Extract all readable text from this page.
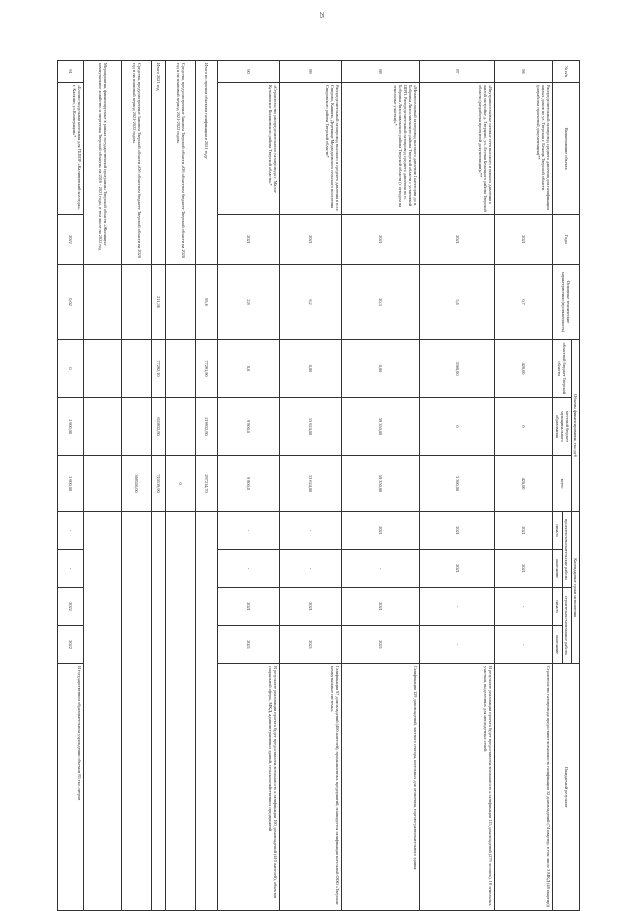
25
№ п/п	Наименование объекта	Годы	Основные технические характеристики (протяженность)	Объемы финансирования, тыс.руб			Календарные сроки исполнения				Ожидаемый результат
				областной бюджет Тверской области	местный бюджет муниципального образования	всего	проектно-изыскательские работы		строительно-монтажные работы		
							начало	окончание	начало	окончание	
86	Распределительный газопровод среднего давления для газификации жилых домов по ул. Тверская г. Бежецк Тверской области (разработка проектной документации)**	2021	0,7	420,00	0	420,00	2021	2021	-	-	Строительство газопровода предоставит возможность газификации 32 домовладений (74 квартир, в том числе 3 МКД (48 квартир))
87	«Внутрипоселковые газовые сети высокого и низкого давления к жилой застройке д. Тверцово, ул. Лесная Бежецкого района Тверской области (разработка проектной документации)»**	2021	5,6	3360,00	0	3 360,00	2021	2021	-	-	В результате реализации проекта будет предоставлена возможность к газификации 115 домовладений (279 человек), 18 земельных участков, выделенных для многодетных семей
88	«Межпоселковый газопровод высокого давления I категории до п. Бобровка Лихославльского района Тверской области с установкой ШРП. Распределительный газопровод среднего давления по п. Бобровка Лихославльского района Тверской области (с отводом на земельные участки)»*	2021	20,3	0,00	59 350,00	59 350,00	2021	-	2021	2021	Газификация 129 домовладений, частного сектора, котельных для отопления, торгово-развлекательного здания
89	Распределительный газопровод высокого и среднего давления в п.г.т. Спирово, Кашино, Деревище Медведковского сельского поселения Спировского района Тверской области*	2021	6,2	0,00	13 624,00	13 624,00	-	-	2021	2021	Газификация 97 домовладений (400 жителей), промышленных предприятий, планируется газификация котельной ООО «Тверские коммунальные системы»
90	«Строительство распределительного газопровода с. Малое Кузьминское Конаковского района Тверской области»*	2021	2,8	0,0	9 800,0	9 800,0	-	-	2021	2021	В результате реализации проекта будет предоставлена возможность к газификации 160 домовладений (410 жителей), объектов социальной сферы, МКД, административных зданий, сельскохозяйственных предприятий
Итого по прочим объектам газификации в 2021 году			95,6	77281,90	219932,80	297214,70					
Средства, предусмотренные Законом Тверской области «Об областном бюджете Тверской области на 2020 год и на плановый период 2021-2022 годов»						0					
Итого 2021 год			211,36	77282,10	633832,80	710519,90					
Средства, предусмотренные Законом Тверской области «Об областном бюджете Тверской области на 2020 год и на плановый период 2021-2022 годов»						368550,00					
Мероприятия, финансируемые в рамках государственной программы Тверской области «Жилищно-коммунальное хозяйство и энергетика Тверской области» на 2016 - 2021 годы, в том числе на 2022 год											
91	«Блочно-модульная котельная для ГБПОУ «Калининский колледж», г. Калязин, ул.Кооперации»*	2022	0,02	0	1 600,00	1 600,00	-	-	2022	2022	В государственном образовательном учреждении объемом 85 тыс.литров
